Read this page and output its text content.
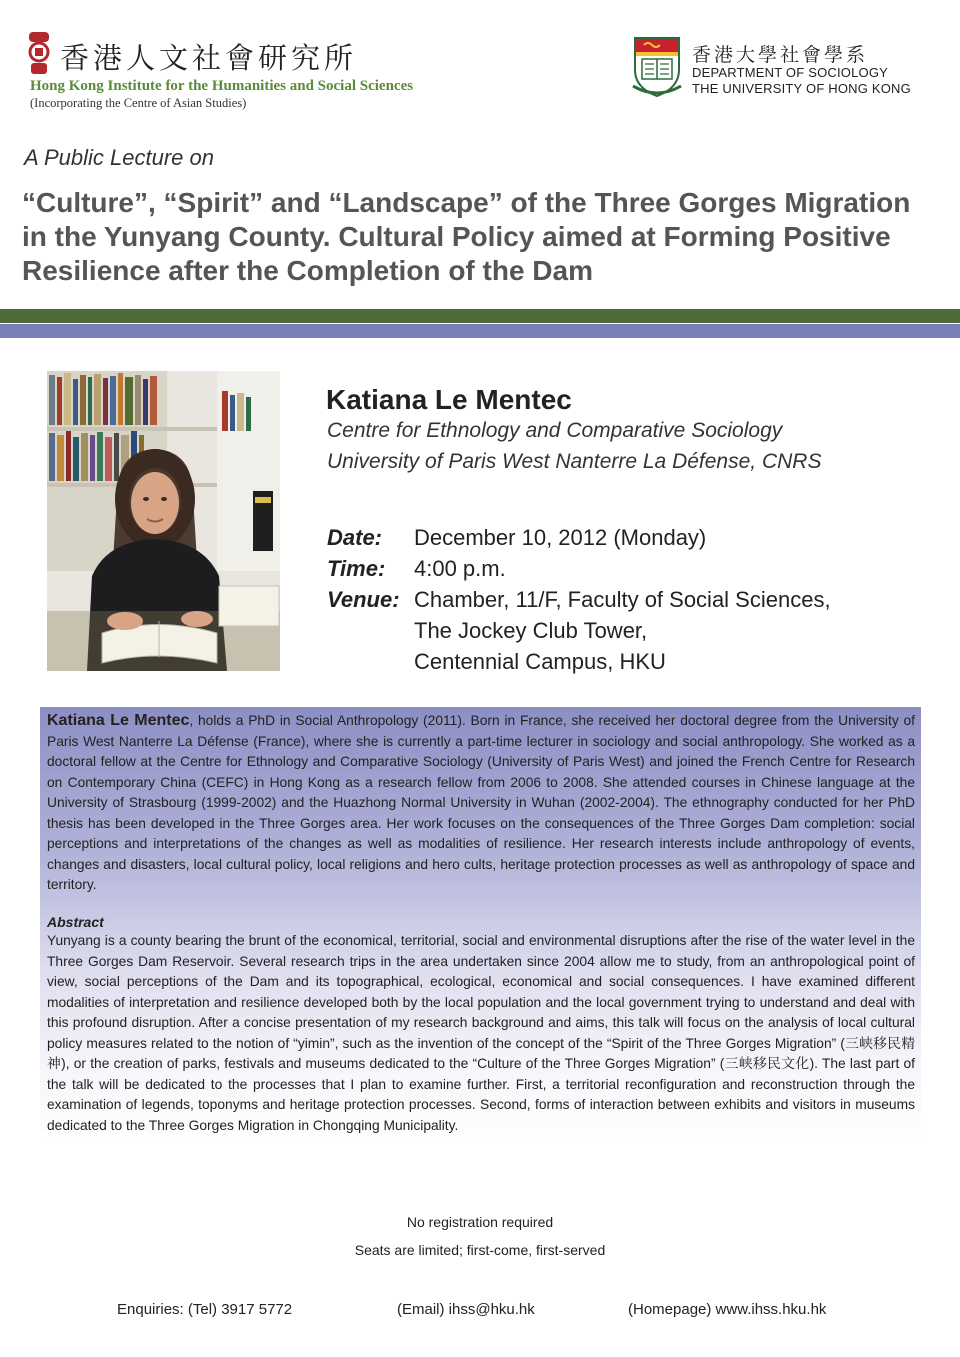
香港人文社會研究所
Hong Kong Institute for the Humanities and Social Sciences
(Incorporating the Centre of Asian Studies)
香港大學社會學系
DEPARTMENT OF SOCIOLOGY
THE UNIVERSITY OF HONG KONG
A Public Lecture on
“Culture”, “Spirit” and “Landscape” of the Three Gorges Migration
in the Yunyang County. Cultural Policy aimed at Forming Positive
Resilience after the Completion of the Dam
Katiana Le Mentec
Centre for Ethnology and Comparative Sociology
University of Paris West Nanterre La Défense, CNRS
Date: December 10, 2012 (Monday)
Time: 4:00 p.m.
Venue: Chamber, 11/F, Faculty of Social Sciences,
The Jockey Club Tower,
Centennial Campus, HKU
Katiana Le Mentec, holds a PhD in Social Anthropology (2011). Born in France, she received her doctoral degree from the University of Paris West Nanterre La Défense (France), where she is currently a part-time lecturer in sociology and social anthropology. She worked as a doctoral fellow at the Centre for Ethnology and Comparative Sociology (University of Paris West) and joined the French Centre for Research on Contemporary China (CEFC) in Hong Kong as a research fellow from 2006 to 2008. She attended courses in Chinese language at the University of Strasbourg (1999-2002) and the Huazhong Normal University in Wuhan (2002-2004). The ethnography conducted for her PhD thesis has been developed in the Three Gorges area. Her work focuses on the consequences of the Three Gorges Dam completion: social perceptions and interpretations of the changes as well as modalities of resilience. Her research interests include anthropology of events, changes and disasters, local cultural policy, local religions and hero cults, heritage protection processes as well as anthropology of space and territory.
Abstract
Yunyang is a county bearing the brunt of the economical, territorial, social and environmental disruptions after the rise of the water level in the Three Gorges Dam Reservoir. Several research trips in the area undertaken since 2004 allow me to study, from an anthropological point of view, social perceptions of the Dam and its topographical, ecological, economical and social consequences. I have examined different modalities of interpretation and resilience developed both by the local population and the local government trying to understand and deal with this profound disruption. After a concise presentation of my research background and aims, this talk will focus on the analysis of local cultural policy measures related to the notion of “yimin”, such as the invention of the concept of the “Spirit of the Three Gorges Migration” (三峡移民精神), or the creation of parks, festivals and museums dedicated to the “Culture of the Three Gorges Migration” (三峡移民文化). The last part of the talk will be dedicated to the processes that I plan to examine further. First, a territorial reconfiguration and reconstruction through the examination of legends, toponyms and heritage protection processes. Second, forms of interaction between exhibits and visitors in museums dedicated to the Three Gorges Migration in Chongqing Municipality.
No registration required
Seats are limited; first-come, first-served
Enquiries: (Tel) 3917 5772	(Email) ihss@hku.hk	(Homepage) www.ihss.hku.hk
